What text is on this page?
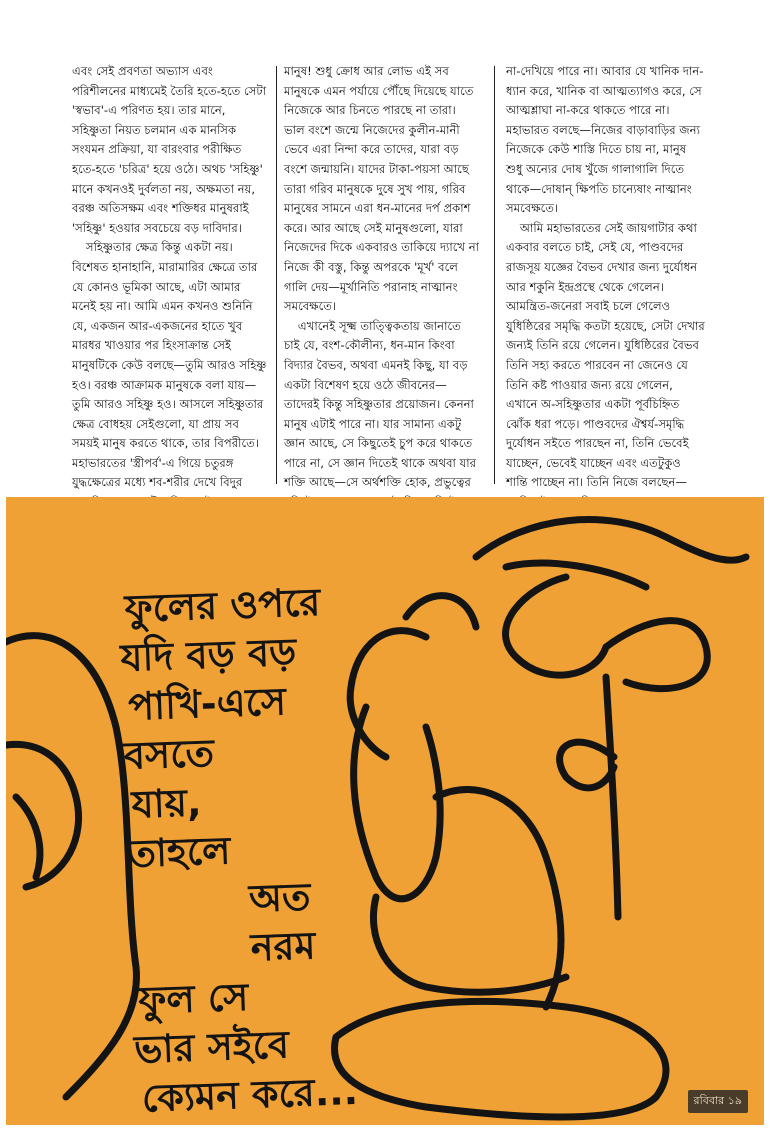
এবং সেই প্রবণতা অভ্যাস এবং পরিশীলনের মাধ্যমেই তৈরি হতে-হতে সেটা 'স্বভাব'-এ পরিণত হয়। তার মানে, সহিষ্ণুতা নিয়ত চলমান এক মানসিক সংযমন প্রক্রিয়া, যা বারংবার পরীক্ষিত হতে-হতে 'চরিত্র' হয়ে ওঠে। অথচ 'সহিষ্ণু' মানে কখনওই দুর্বলতা নয়, অক্ষমতা নয়, বরঞ্চ অতিসক্ষম এবং শক্তিধর মানুষরাই 'সহিষ্ণু' হওয়ার সবচেয়ে বড় দাবিদার।

সহিষ্ণুতার ক্ষেত্র কিন্তু একটা নয়। বিশেষত হানাহানি, মারামারির ক্ষেত্রে তার যে কোনও ভূমিকা আছে, এটা আমার মনেই হয় না। আমি এমন কখনও শুনিনি যে, একজন আর-একজনের হাতে খুব মারধর খাওয়ার পর হিংসাক্রান্ত সেই মানুষটিকে কেউ বলছে—তুমি আরও সহিষ্ণু হও। বরঞ্চ আক্রামক মানুষকে বলা যায়—তুমি আরও সহিষ্ণু হও। আসলে সহিষ্ণুতার ক্ষেত্র বোধহয় সেইগুলো, যা প্রায় সব সময়ই মানুষ করতে থাকে, তার বিপরীতে। মহাভারতের 'স্ত্রীপর্ব'-এ গিয়ে চতুরঙ্গ যুদ্ধক্ষেত্রের মধ্যে শব-শরীর দেখে বিদুর

মানুষ! শুধু ক্রোধ আর লোভ এই সব মানুষকে এমন পর্যায়ে পৌঁছে দিয়েছে যাতে নিজেকে আর চিনতে পারছে না তারা। ভাল বংশে জন্মে নিজেদের কুলীন-মানী ভেবে এরা নিন্দা করে তাদের, যারা বড় বংশে জন্মায়নি। যাদের টাকা-পয়সা আছে তারা গরিব মানুষকে দুষে সুখ পায়, গরিব মানুষের সামনে এরা ধন-মানের দর্প প্রকাশ করে। আর আছে সেই মানুষগুলো, যারা নিজেদের দিকে একবারও তাকিয়ে দ্যাখে না নিজে কী বস্তু, কিন্তু অপরকে 'মূর্খ' বলে গালি দেয়—মূর্খানিতি পরানাহ নাত্মানং সমবেক্ষতে।

এখানেই সূক্ষ্ম তাত্ত্বিকতায় জানাতে চাই যে, বংশ-কৌলীন্য, ধন-মান কিংবা বিদ্যার বৈভব, অথবা এমনই কিছু, যা বড় একটা বিশেষণ হয়ে ওঠে জীবনের—তাদেরই কিন্তু সহিষ্ণুতার প্রয়োজন। কেননা মানুষ এটাই পারে না। যার সামান্য একটু জ্ঞান আছে, সে কিছুতেই চুপ করে থাকতে পারে না, সে জ্ঞান দিতেই থাকে অথবা যার শক্তি আছে—সে অর্থশক্তি হোক, প্রভুত্বের

না-দেখিয়ে পারে না। আবার যে খানিক দান-ধ্যান করে, খানিক বা আত্মত্যাগও করে, সে আত্মশ্লাঘা না-করে থাকতে পারে না। মহাভারত বলছে—নিজের বাড়াবাড়ির জন্য নিজেকে কেউ শাস্তি দিতে চায় না, মানুষ শুধু অন্যের দোষ খুঁজে গালাগালি দিতে থাকে—দোষান্ ক্ষিপতি চান্যেষাং নাত্মানং সমবেক্ষতে।

আমি মহাভারতের সেই জায়গাটার কথা একবার বলতে চাই, সেই যে, পাণ্ডবদের রাজসূয় যজ্ঞের বৈভব দেখার জন্য দুর্যোধন আর শকুনি ইন্দ্রপ্রস্থে থেকে গেলেন। আমন্ত্রিত-জনেরা সবাই চলে গেলেও যুধিষ্ঠিরের সমৃদ্ধি কতটা হয়েছে, সেটা দেখার জন্যই তিনি রয়ে গেলেন। যুধিষ্ঠিরের বৈভব তিনি সহ্য করতে পারবেন না জেনেও যে তিনি কষ্ট পাওয়ার জন্য রয়ে গেলেন, এখানে অ-সহিষ্ণুতার একটা পূর্বচিহ্নিত ঝোঁক ধরা পড়ে। পাণ্ডবদের ঐশ্বর্য-সমৃদ্ধি দুর্যোধন সইতে পারছেন না, তিনি ভেবেই যাচ্ছেন, ভেবেই যাচ্ছেন এবং এতটুকুও শান্তি পাচ্ছেন না। তিনি নিজে বলছেন—

ফুলের ওপরে
যদি বড় বড়
পাখি-এসে
বসতে
যায়,
তাহলে
অত
নরম
ফুল সে
ভার সইবে
ক্যেমন করে...	রবিবার ১৯
